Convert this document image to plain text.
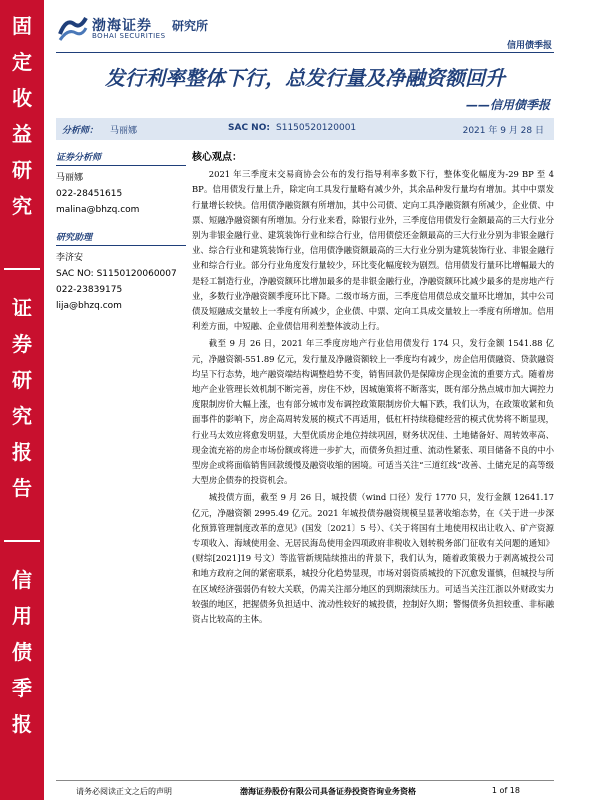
固
定
收
益
研
究
证
券
研
究
报
告
信
用
债
季
报
渤海证券
BOHAI SECURITIES
研究所
信用债季报
发行利率整体下行，总发行量及净融资额回升
——信用债季报
分析师： 马丽娜	SAC NO: S1150520120001	2021 年 9 月 28 日
证券分析师
马丽娜
022-28451615
malina@bhzq.com
研究助理
李济安
SAC NO: S1150120060007
022-23839175
lija@bhzq.com
核心观点：

2021 年三季度末交易商协会公布的发行指导利率多数下行，整体变化幅度为-29 BP 至 4 BP。信用债发行量上升，除定向工具发行量略有减少外，其余品种发行量均有增加。其中中票发行量增长较快。信用债净融资额有所增加，其中公司债、定向工具净融资额有所减少，企业债、中票、短融净融资额有所增加。分行业来看，除银行业外，三季度信用债发行金额最高的三大行业分别为非银金融行业、建筑装饰行业和综合行业，信用债偿还金额最高的三大行业分别为非银金融行业、综合行业和建筑装饰行业，信用债净融资额最高的三大行业分别为建筑装饰行业、非银金融行业和综合行业。部分行业角度发行量较少，环比变化幅度较为剧烈。信用债发行量环比增幅最大的是轻工制造行业，净融资额环比增加最多的是非银金融行业，净融资额环比减少最多的是房地产行业，多数行业净融资额季度环比下降。二级市场方面，三季度信用债总成交量环比增加，其中公司债及短融成交量较上一季度有所减少，企业债、中票、定向工具成交量较上一季度有所增加。信用利差方面，中短融、企业债信用利差整体波动上行。

截至 9 月 26 日，2021 年三季度房地产行业信用债发行 174 只，发行金额 1541.88 亿元，净融资额-551.89 亿元，发行量及净融资额较上一季度均有减少，房企信用债融资、贷款融资均呈下行态势，地产融资端结构调整趋势不变，销售回款仍是保障房企现金流的重要方式。随着房地产企业管理长效机制不断完善，房住不炒，因城施策将不断落实，既有部分热点城市加大调控力度限制房价大幅上涨，也有部分城市发布调控政策限制房价大幅下跌，我们认为，在政策收紧和负面事件的影响下，房企高周转发展的模式不再适用，低杠杆持续稳健经营的模式优势将不断显现，行业马太效应将愈发明显，大型优质房企地位持续巩固，财务状况佳、土地储备好、周转效率高、现金流充裕的房企市场份额或将进一步扩大，而债务负担过重、流动性紧张、项目储备不良的中小型房企或将面临销售回款缓慢及融资收缩的困境。可适当关注“三道红线”改善、土储充足的高等级大型房企债券的投资机会。

城投债方面，截至 9 月 26 日，城投债（wind 口径）发行 1770 只，发行金额 12641.17 亿元，净融资额 2995.49 亿元。2021 年城投债券融资规模呈显著收缩态势，在《关于进一步深化预算管理制度改革的意见》(国发〔2021〕5 号）、《关于将国有土地使用权出让收入、矿产资源专项收入、海域使用金、无居民海岛使用金四项政府非税收入划转税务部门征收有关问题的通知》(财综[2021]19 号文）等监管新规陆续推出的背景下，我们认为，随着政策极力于剥离城投公司和地方政府之间的紧密联系，城投分化趋势显现，市场对弱资质城投的下沉愈发谨慎，但城投与所在区域经济强弱仍有较大关联，仍需关注部分地区的到期滚续压力。可适当关注江浙以外财政实力较强的地区，把握债务负担适中、流动性较好的城投债，控制好久期；警惕债务负担较重、非标融资占比较高的主体。

请务必阅读正文之后的声明	渤海证券股份有限公司具备证券投资咨询业务资格	1 of 18
